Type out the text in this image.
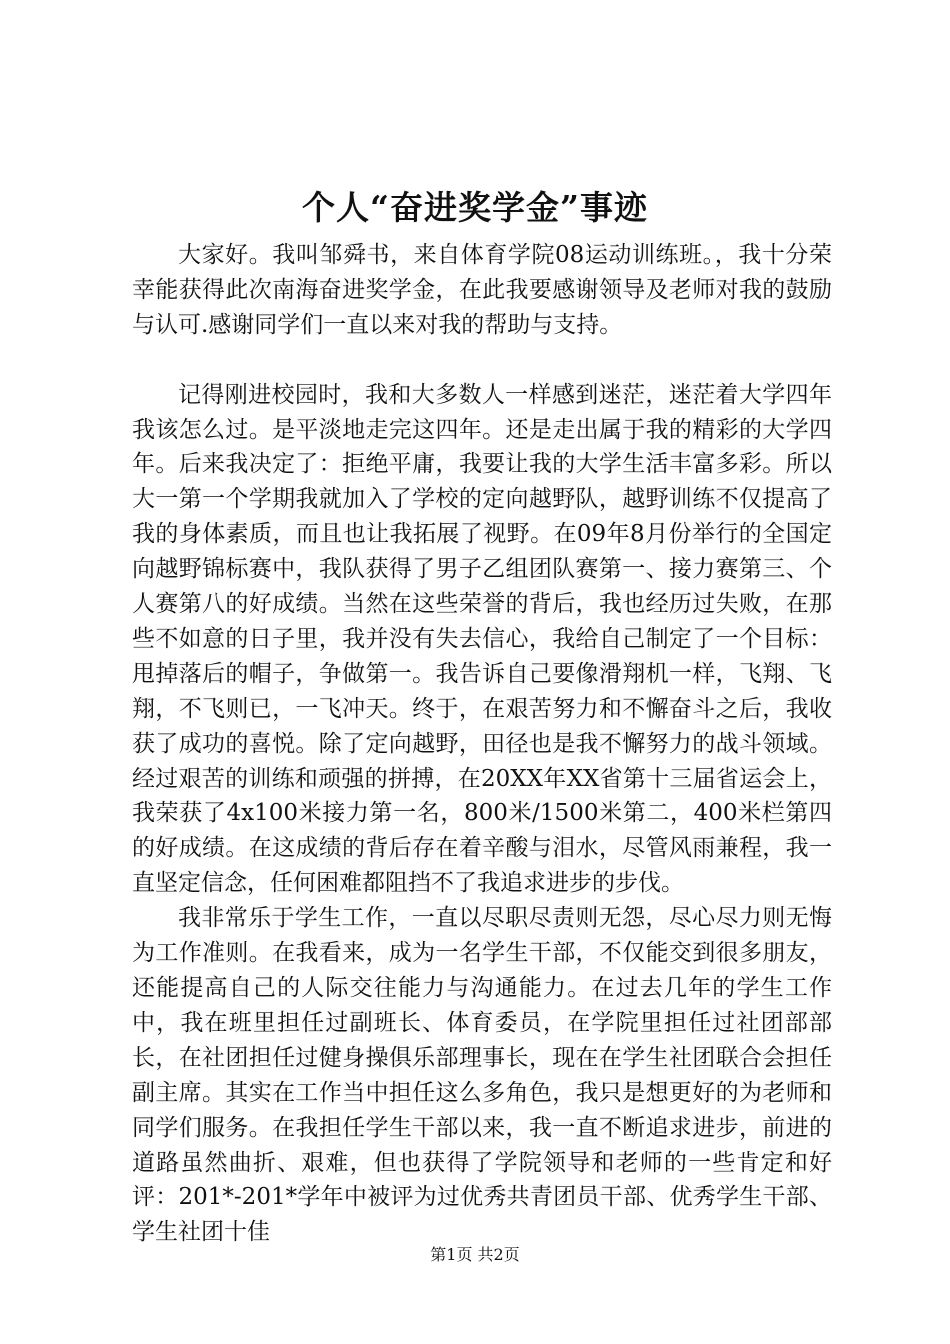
个人“奋进奖学金”事迹

大家好。我叫邹舜书，来自体育学院08运动训练班。，我十分荣幸能获得此次南海奋进奖学金，在此我要感谢领导及老师对我的鼓励与认可.感谢同学们一直以来对我的帮助与支持。

记得刚进校园时，我和大多数人一样感到迷茫，迷茫着大学四年我该怎么过。是平淡地走完这四年。还是走出属于我的精彩的大学四年。后来我决定了：拒绝平庸，我要让我的大学生活丰富多彩。所以大一第一个学期我就加入了学校的定向越野队，越野训练不仅提高了我的身体素质，而且也让我拓展了视野。在09年8月份举行的全国定向越野锦标赛中，我队获得了男子乙组团队赛第一、接力赛第三、个人赛第八的好成绩。当然在这些荣誉的背后，我也经历过失败，在那些不如意的日子里，我并没有失去信心，我给自己制定了一个目标：甩掉落后的帽子，争做第一。我告诉自己要像滑翔机一样，飞翔、飞翔，不飞则已，一飞冲天。终于，在艰苦努力和不懈奋斗之后，我收获了成功的喜悦。除了定向越野，田径也是我不懈努力的战斗领域。经过艰苦的训练和顽强的拼搏，在20XX年XX省第十三届省运会上，我荣获了4x100米接力第一名，800米/1500米第二，400米栏第四的好成绩。在这成绩的背后存在着辛酸与泪水，尽管风雨兼程，我一直坚定信念，任何困难都阻挡不了我追求进步的步伐。

我非常乐于学生工作，一直以尽职尽责则无怨，尽心尽力则无悔为工作准则。在我看来，成为一名学生干部，不仅能交到很多朋友，还能提高自己的人际交往能力与沟通能力。在过去几年的学生工作中，我在班里担任过副班长、体育委员，在学院里担任过社团部部长，在社团担任过健身操俱乐部理事长，现在在学生社团联合会担任副主席。其实在工作当中担任这么多角色，我只是想更好的为老师和同学们服务。在我担任学生干部以来，我一直不断追求进步，前进的道路虽然曲折、艰难，但也获得了学院领导和老师的一些肯定和好评：201*-201*学年中被评为过优秀共青团员干部、优秀学生干部、学生社团十佳

第1页 共2页
